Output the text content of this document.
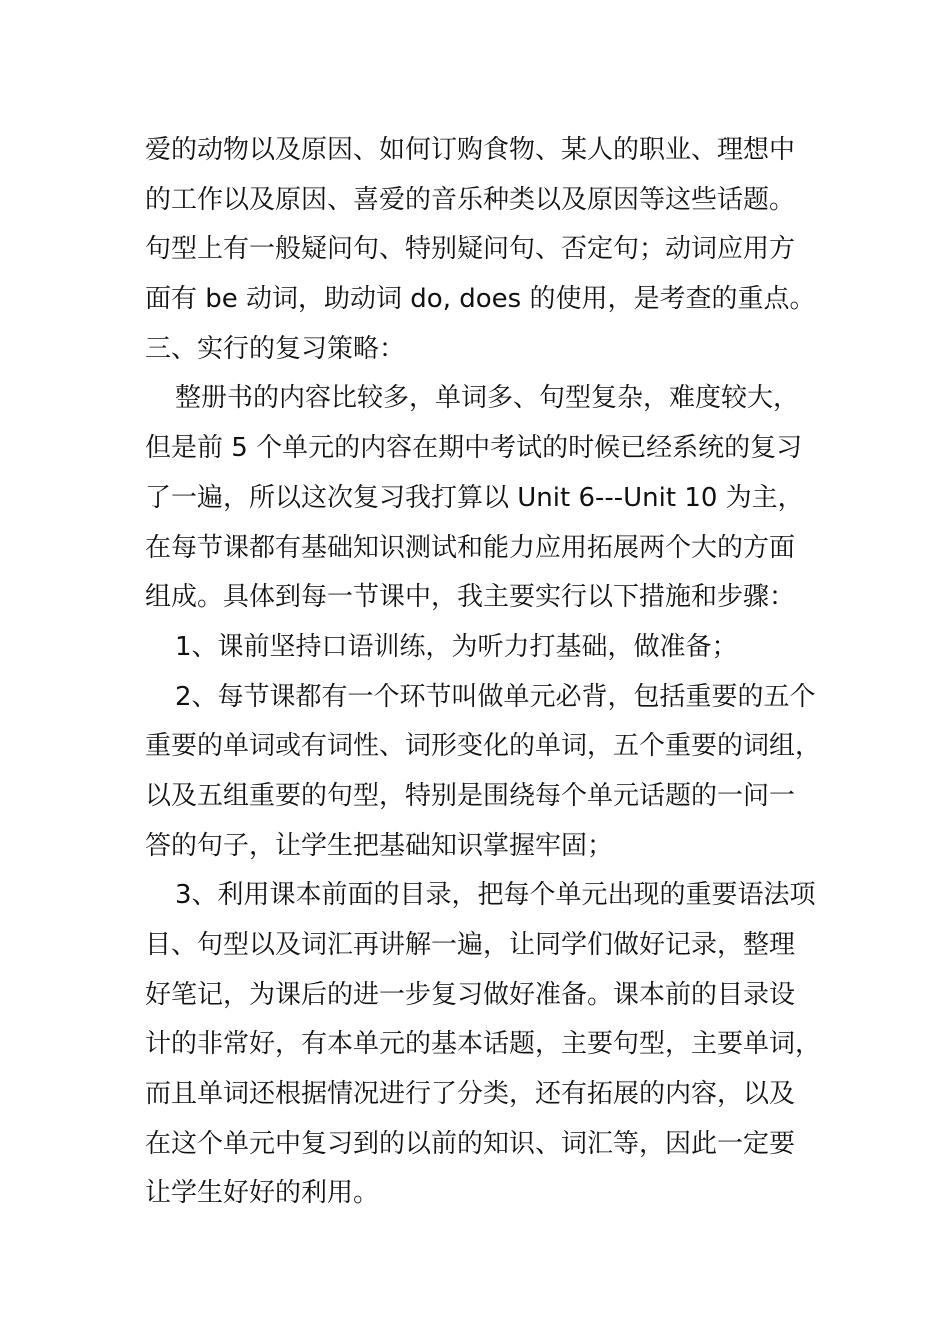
爱的动物以及原因、如何订购食物、某人的职业、理想中
的工作以及原因、喜爱的音乐种类以及原因等这些话题。
句型上有一般疑问句、特别疑问句、否定句；动词应用方
面有 be 动词，助动词 do, does 的使用，是考查的重点。
三、实行的复习策略：
整册书的内容比较多，单词多、句型复杂，难度较大，
但是前 5 个单元的内容在期中考试的时候已经系统的复习
了一遍，所以这次复习我打算以 Unit 6---Unit 10 为主，
在每节课都有基础知识测试和能力应用拓展两个大的方面
组成。具体到每一节课中，我主要实行以下措施和步骤：
1、课前坚持口语训练，为听力打基础，做准备；
2、每节课都有一个环节叫做单元必背，包括重要的五个
重要的单词或有词性、词形变化的单词，五个重要的词组，
以及五组重要的句型，特别是围绕每个单元话题的一问一
答的句子，让学生把基础知识掌握牢固；
3、利用课本前面的目录，把每个单元出现的重要语法项
目、句型以及词汇再讲解一遍，让同学们做好记录，整理
好笔记，为课后的进一步复习做好准备。课本前的目录设
计的非常好，有本单元的基本话题，主要句型，主要单词，
而且单词还根据情况进行了分类，还有拓展的内容，以及
在这个单元中复习到的以前的知识、词汇等，因此一定要
让学生好好的利用。
